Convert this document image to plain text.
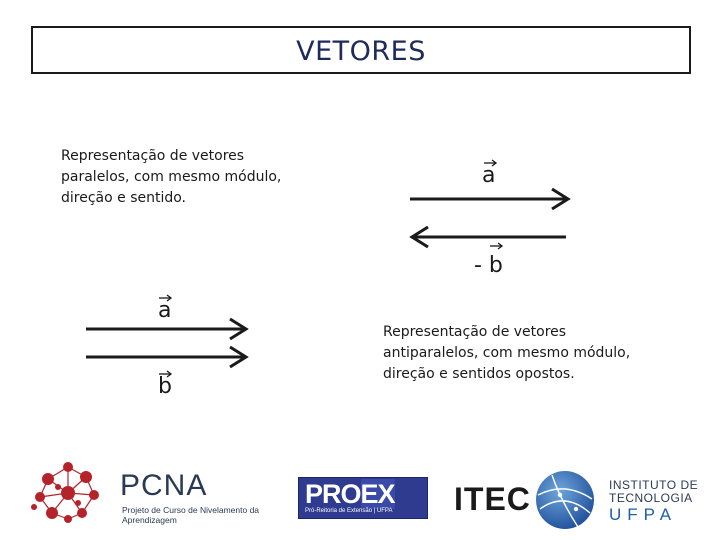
VETORES
Representação de vetores
paralelos, com mesmo módulo,
direção e sentido.
Representação de vetores
antiparalelos, com mesmo módulo,
direção e sentidos opostos.
a
- b
a
b
PCNA
Projeto de Curso de Nivelamento da
Aprendizagem
PROEX
Pró-Reitoria de Extensão | UFPA ITEC	INSTITUTO DE
TECNOLOGIA
UFPA
